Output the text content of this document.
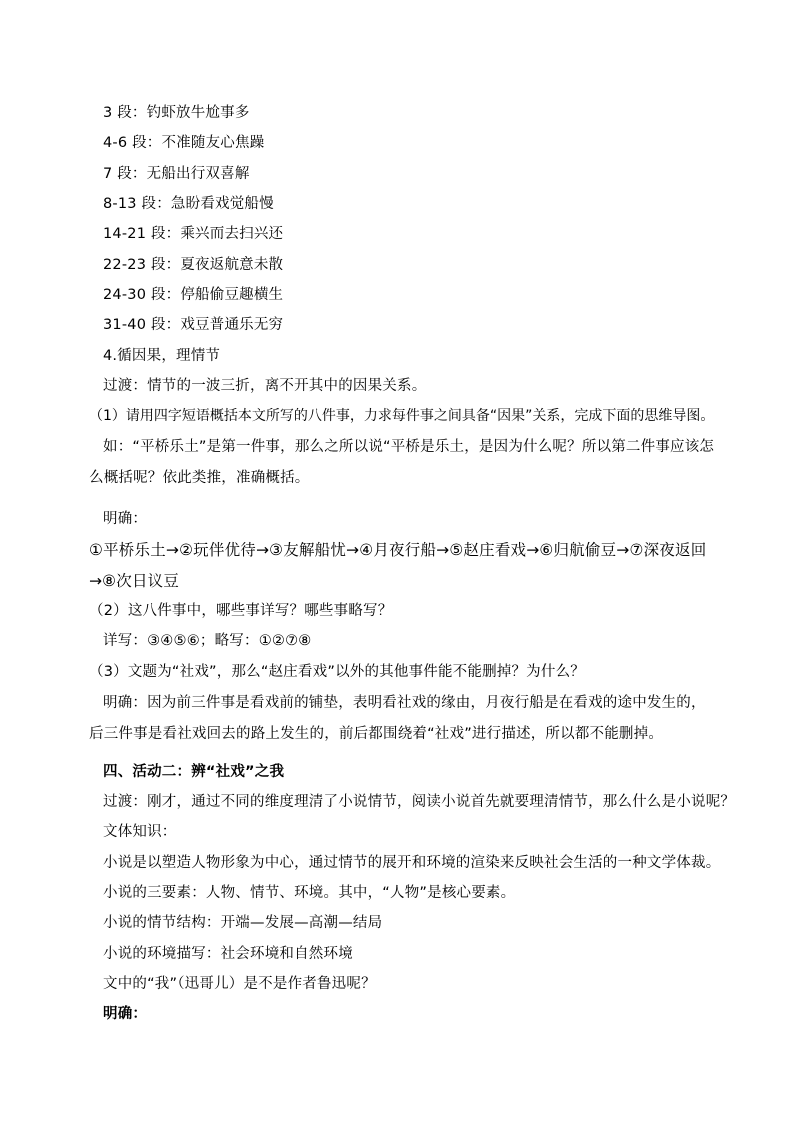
3 段：钓虾放牛尬事多
4-6 段：不准随友心焦躁
7 段：无船出行双喜解
8-13 段：急盼看戏觉船慢
14-21 段：乘兴而去扫兴还
22-23 段：夏夜返航意未散
24-30 段：停船偷豆趣横生
31-40 段：戏豆普通乐无穷
4.循因果，理情节
过渡：情节的一波三折，离不开其中的因果关系。
（1）请用四字短语概括本文所写的八件事，力求每件事之间具备“因果”关系，完成下面的思维导图。
如：“平桥乐土”是第一件事，那么之所以说“平桥是乐土，是因为什么呢？所以第二件事应该怎么概括呢？依此类推，准确概括。
明确：
①平桥乐土→②玩伴优待→③友解船忧→④月夜行船→⑤赵庄看戏→⑥归航偷豆→⑦深夜返回→⑧次日议豆
（2）这八件事中，哪些事详写？哪些事略写？
详写：③④⑤⑥；略写：①②⑦⑧
（3）文题为“社戏”，那么“赵庄看戏”以外的其他事件能不能删掉？为什么？
明确：因为前三件事是看戏前的铺垫，表明看社戏的缘由，月夜行船是在看戏的途中发生的，后三件事是看社戏回去的路上发生的，前后都围绕着“社戏”进行描述，所以都不能删掉。
四、活动二：辨“社戏”之我
过渡：刚才，通过不同的维度理清了小说情节，阅读小说首先就要理清情节，那么什么是小说呢？
文体知识：
小说是以塑造人物形象为中心，通过情节的展开和环境的渲染来反映社会生活的一种文学体裁。
小说的三要素：人物、情节、环境。其中，“人物”是核心要素。
小说的情节结构：开端—发展—高潮—结局
小说的环境描写：社会环境和自然环境
文中的“我”（迅哥儿）是不是作者鲁迅呢？
明确：
